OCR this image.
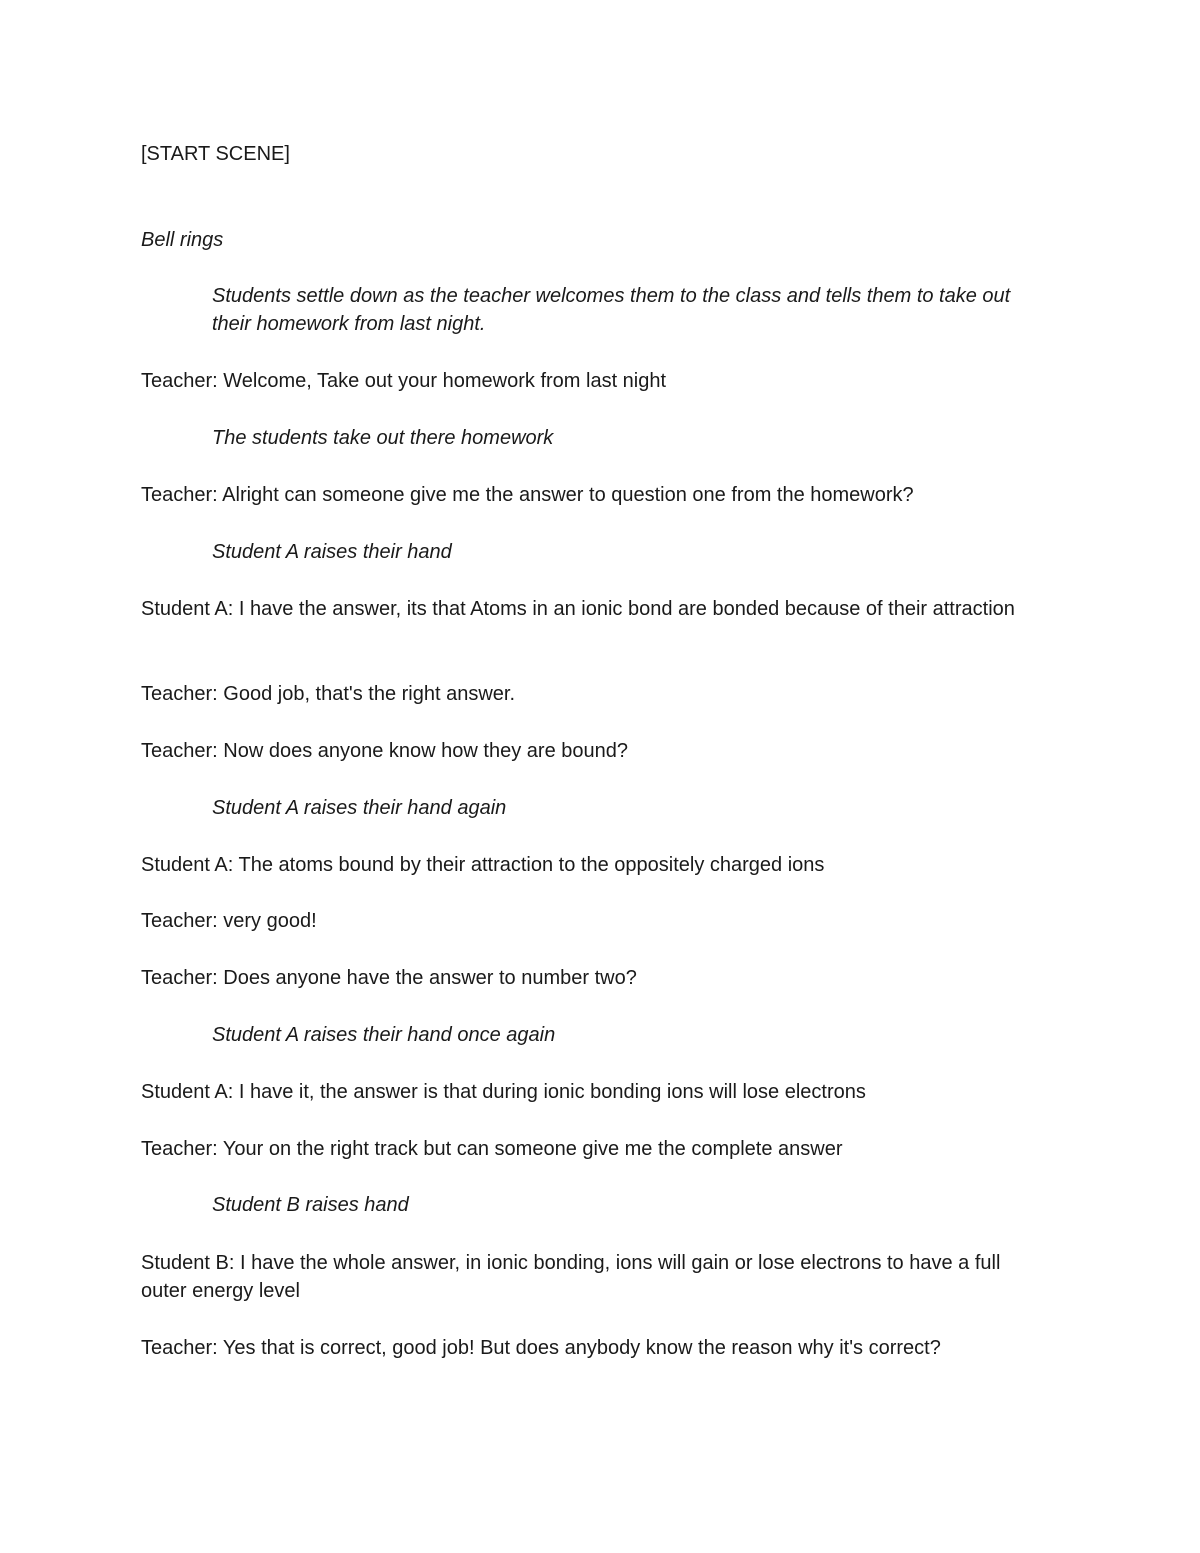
[START SCENE]

Bell rings

Students settle down as the teacher welcomes them to the class and tells them to take out their homework from last night.

Teacher: Welcome, Take out your homework from last night

The students take out there homework

Teacher: Alright can someone give me the answer to question one from the homework?

Student A raises their hand

Student A: I have the answer, its that Atoms in an ionic bond are bonded because of their attraction

Teacher: Good job, that's the right answer.

Teacher: Now does anyone know how they are bound?

Student A raises their hand again

Student A: The atoms bound by their attraction to the oppositely charged ions

Teacher: very good!

Teacher: Does anyone have the answer to number two?

Student A raises their hand once again

Student A: I have it, the answer is that during ionic bonding ions will lose electrons

Teacher: Your on the right track but can someone give me the complete answer

Student B raises hand

Student B: I have the whole answer, in ionic bonding, ions will gain or lose electrons to have a full outer energy level

Teacher: Yes that is correct, good job! But does anybody know the reason why it's correct?
